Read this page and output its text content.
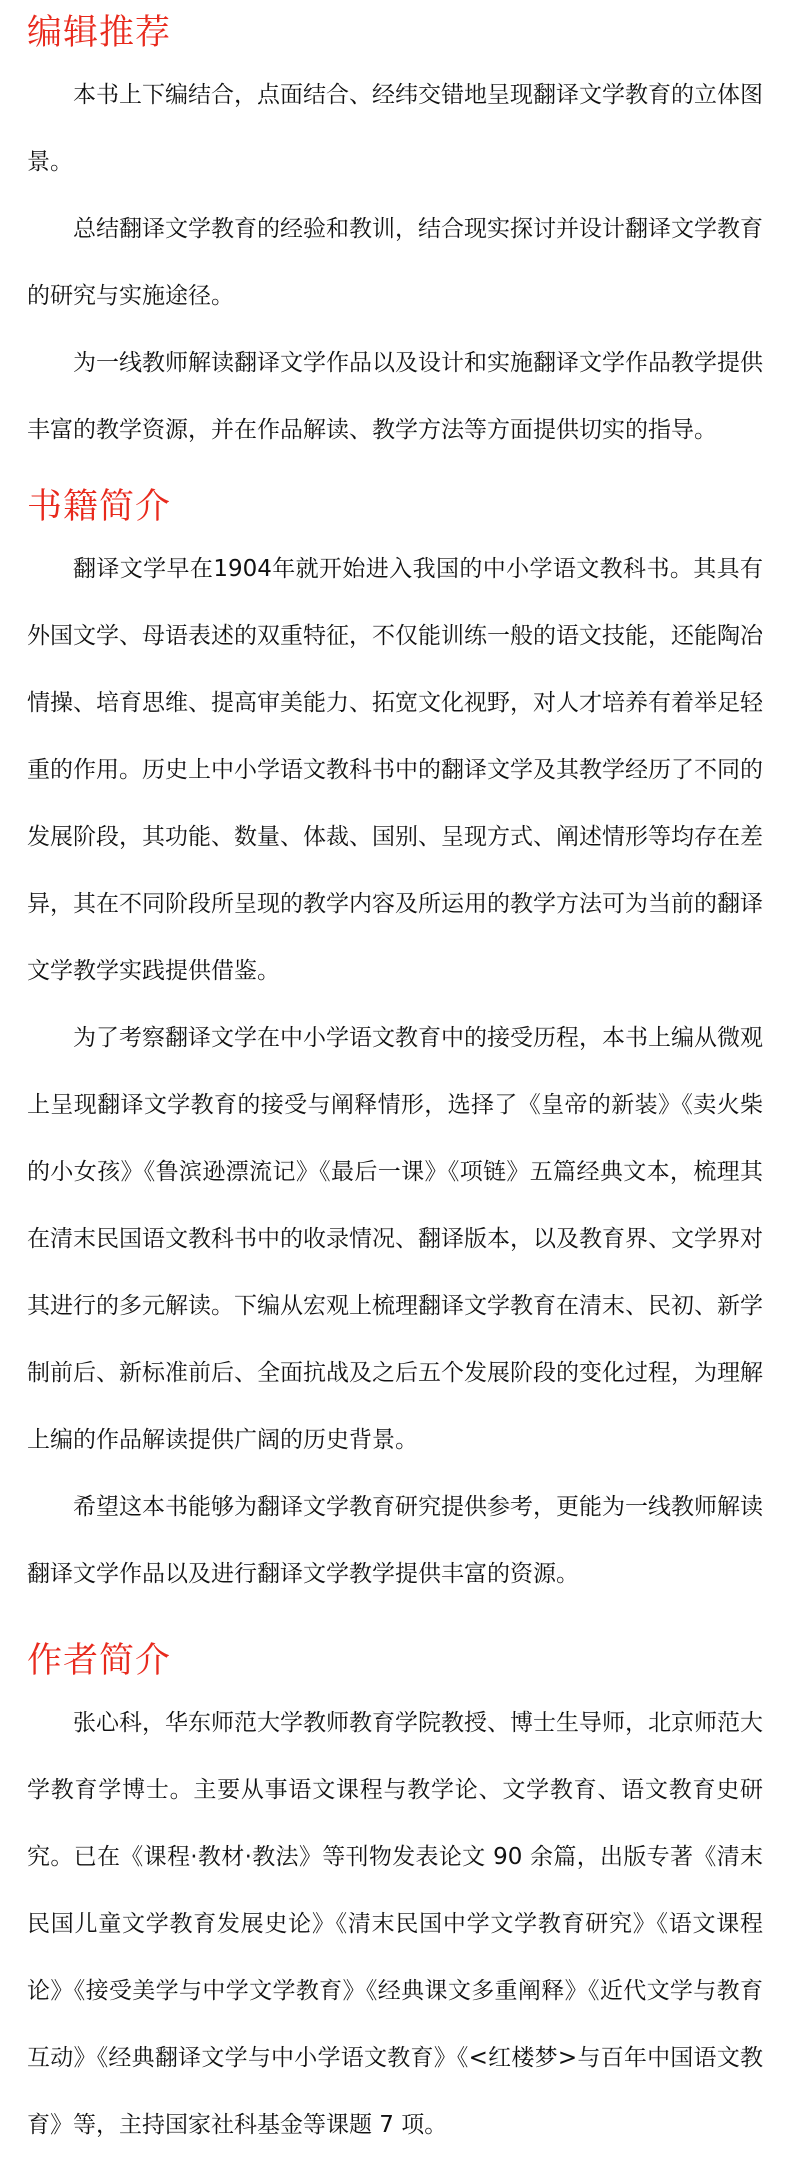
编辑推荐

本书上下编结合，点面结合、经纬交错地呈现翻译文学教育的立体图景。

总结翻译文学教育的经验和教训，结合现实探讨并设计翻译文学教育的研究与实施途径。

为一线教师解读翻译文学作品以及设计和实施翻译文学作品教学提供丰富的教学资源，并在作品解读、教学方法等方面提供切实的指导。

书籍简介

翻译文学早在1904年就开始进入我国的中小学语文教科书。其具有外国文学、母语表述的双重特征，不仅能训练一般的语文技能，还能陶冶情操、培育思维、提高审美能力、拓宽文化视野，对人才培养有着举足轻重的作用。历史上中小学语文教科书中的翻译文学及其教学经历了不同的发展阶段，其功能、数量、体裁、国别、呈现方式、阐述情形等均存在差异，其在不同阶段所呈现的教学内容及所运用的教学方法可为当前的翻译文学教学实践提供借鉴。

为了考察翻译文学在中小学语文教育中的接受历程，本书上编从微观上呈现翻译文学教育的接受与阐释情形，选择了《皇帝的新装》《卖火柴的小女孩》《鲁滨逊漂流记》《最后一课》《项链》五篇经典文本，梳理其在清末民国语文教科书中的收录情况、翻译版本，以及教育界、文学界对其进行的多元解读。下编从宏观上梳理翻译文学教育在清末、民初、新学制前后、新标准前后、全面抗战及之后五个发展阶段的变化过程，为理解上编的作品解读提供广阔的历史背景。

希望这本书能够为翻译文学教育研究提供参考，更能为一线教师解读翻译文学作品以及进行翻译文学教学提供丰富的资源。

作者简介

张心科，华东师范大学教师教育学院教授、博士生导师，北京师范大学教育学博士。主要从事语文课程与教学论、文学教育、语文教育史研究。已在《课程·教材·教法》等刊物发表论文 90 余篇，出版专著《清末民国儿童文学教育发展史论》《清末民国中学文学教育研究》《语文课程论》《接受美学与中学文学教育》《经典课文多重阐释》《近代文学与教育互动》《经典翻译文学与中小学语文教育》《<红楼梦>与百年中国语文教育》等，主持国家社科基金等课题 7 项。
